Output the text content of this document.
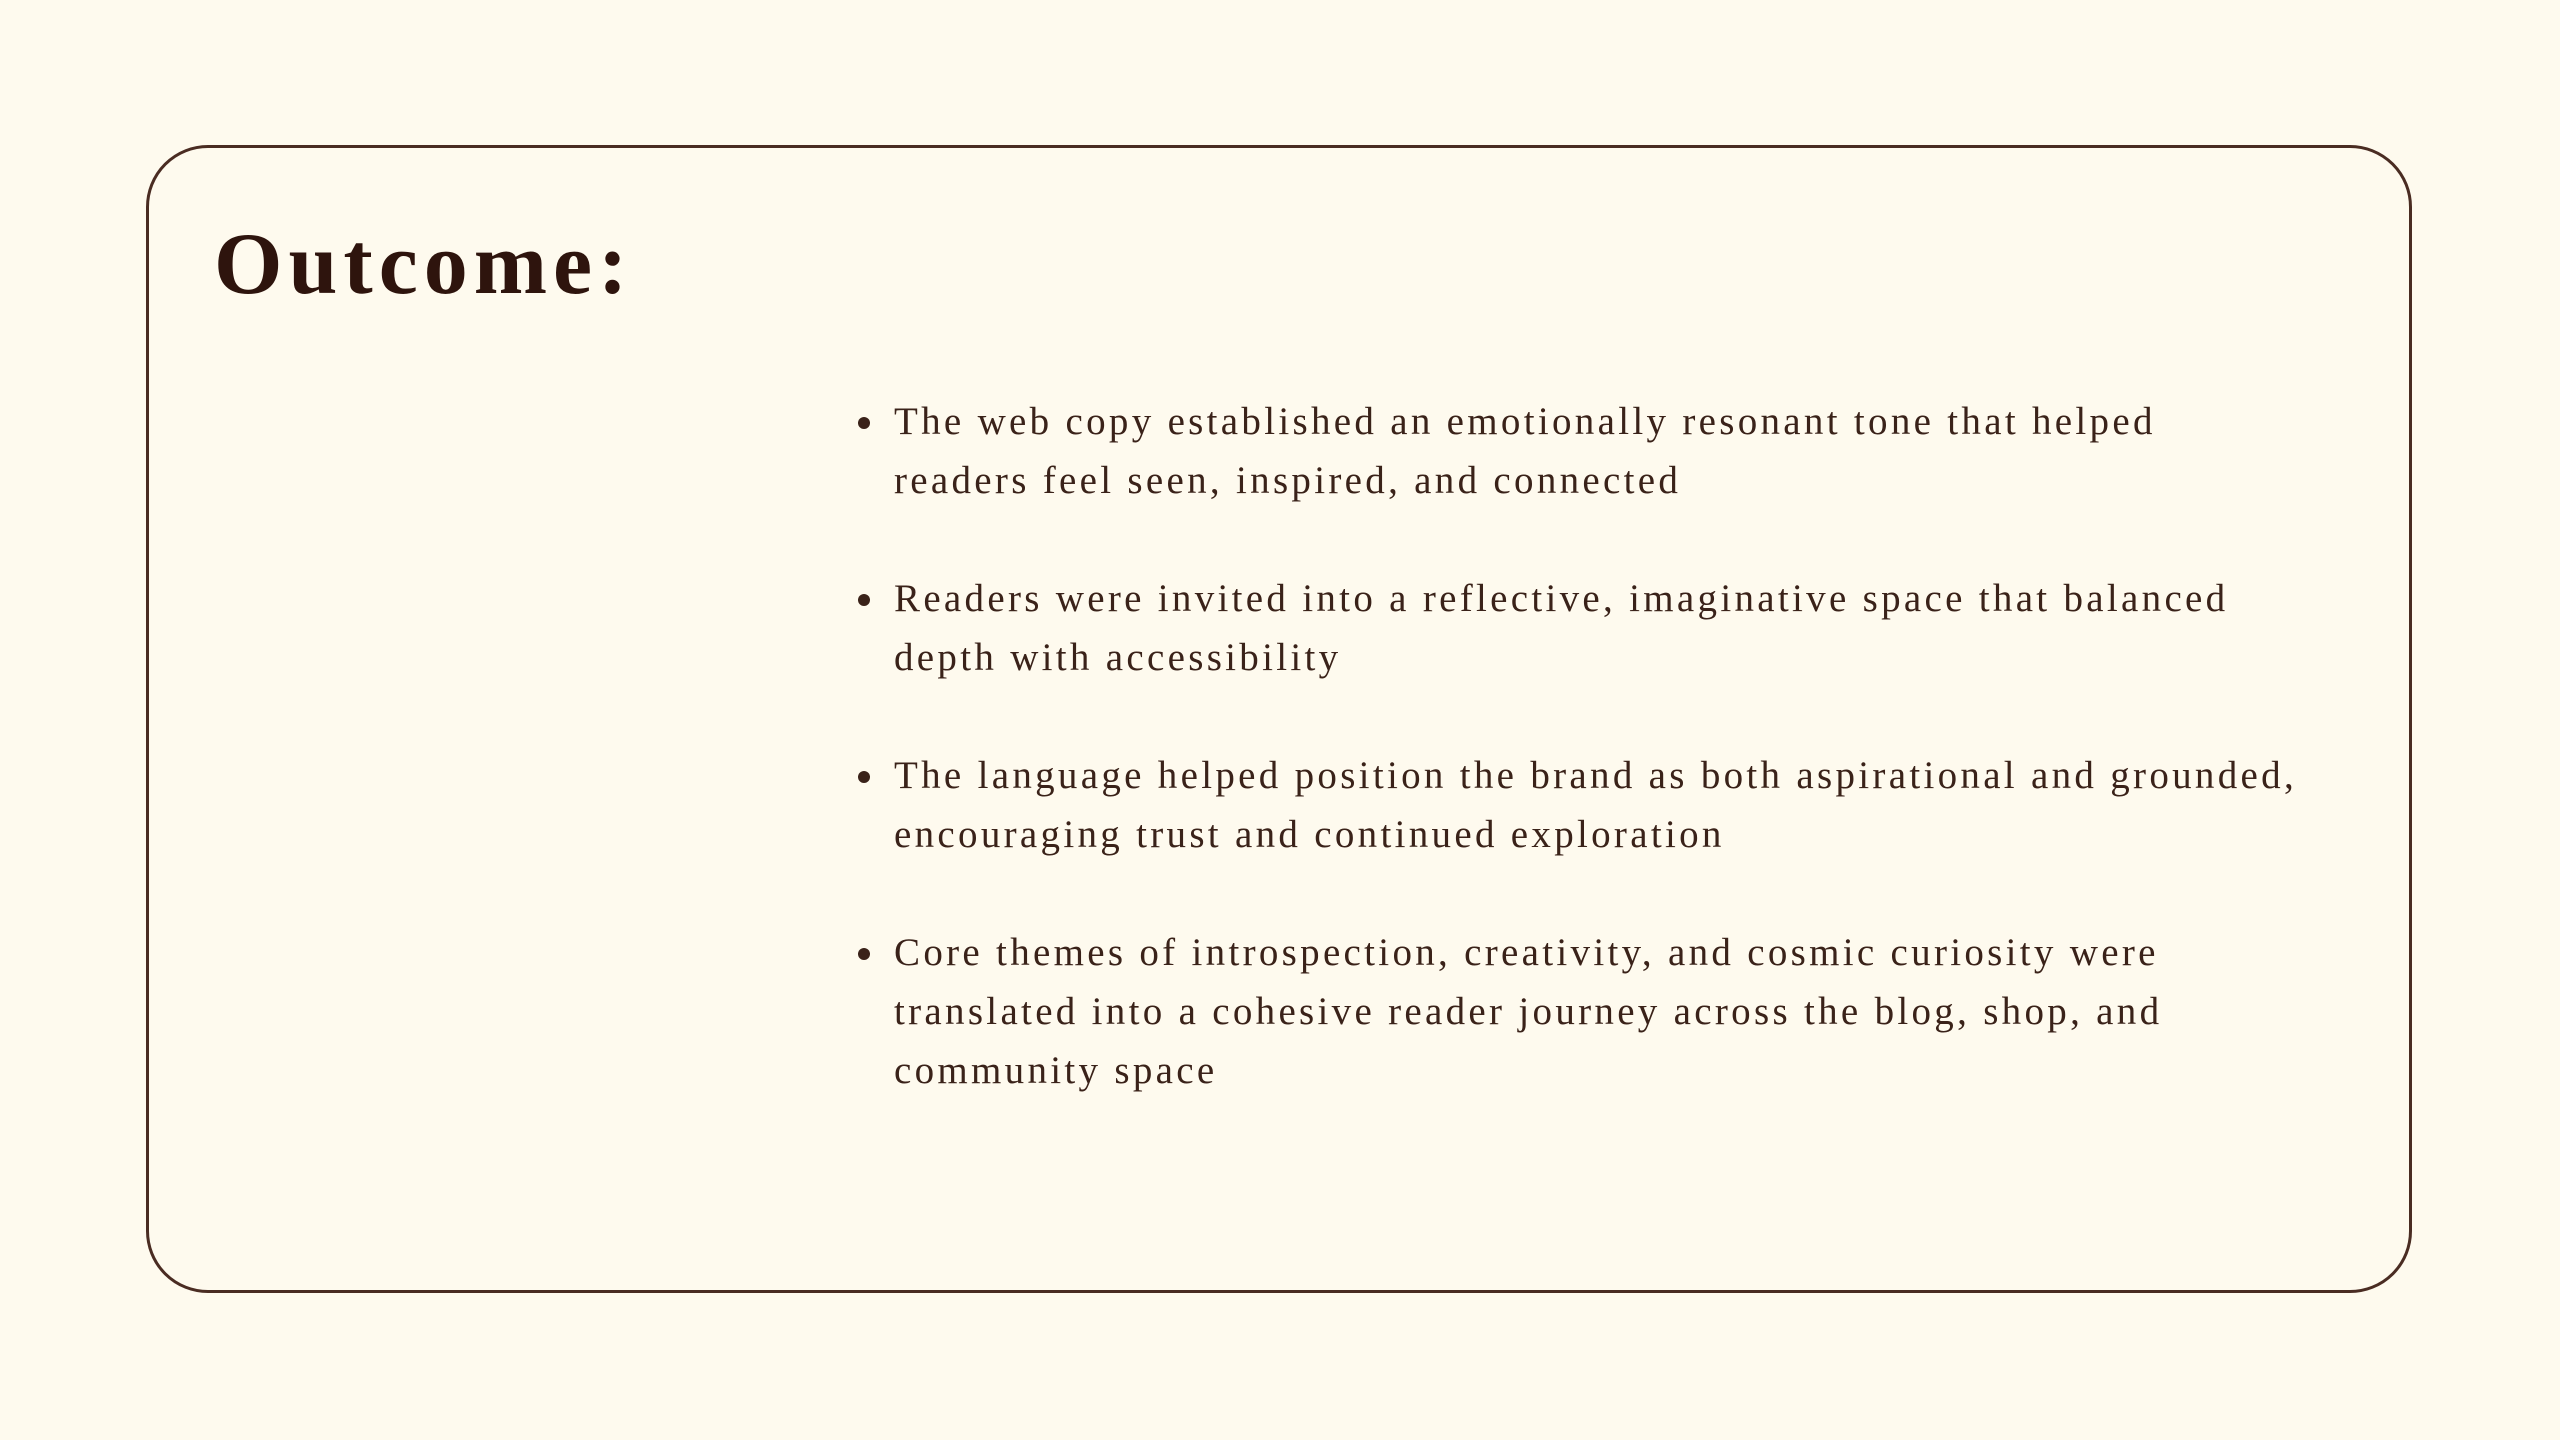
Outcome:
The web copy established an emotionally resonant tone that helped readers feel seen, inspired, and connected
Readers were invited into a reflective, imaginative space that balanced depth with accessibility
The language helped position the brand as both aspirational and grounded, encouraging trust and continued exploration
Core themes of introspection, creativity, and cosmic curiosity were translated into a cohesive reader journey across the blog, shop, and community space
